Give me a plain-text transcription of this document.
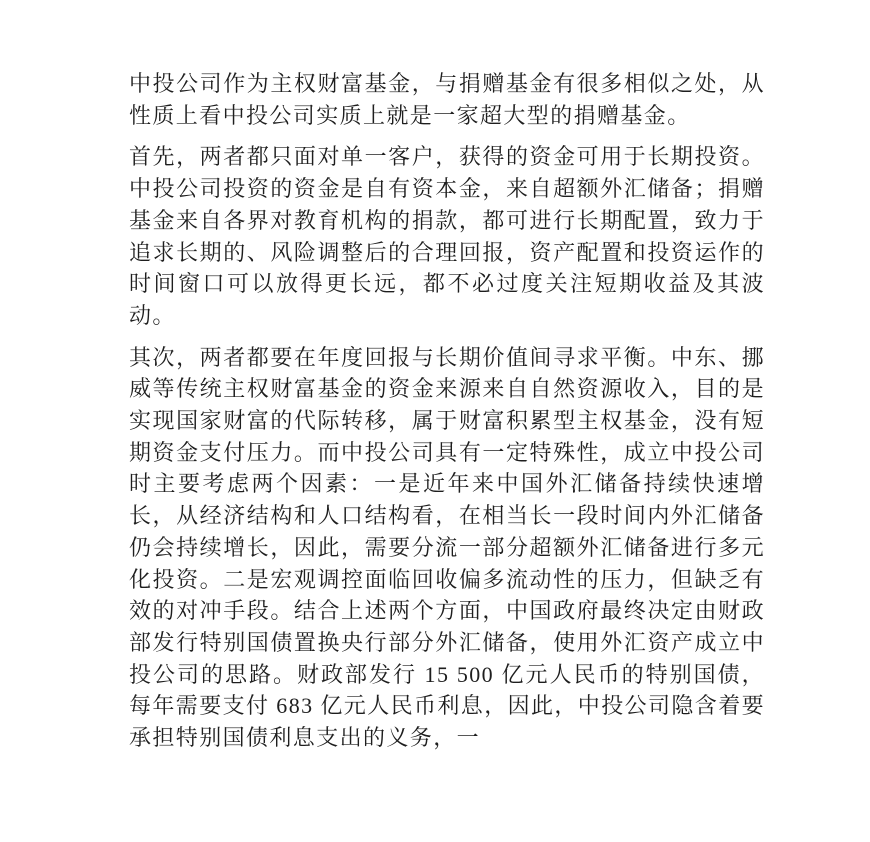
中投公司作为主权财富基金，与捐赠基金有很多相似之处，从性质上看中投公司实质上就是一家超大型的捐赠基金。

首先，两者都只面对单一客户，获得的资金可用于长期投资。中投公司投资的资金是自有资本金，来自超额外汇储备；捐赠基金来自各界对教育机构的捐款，都可进行长期配置，致力于追求长期的、风险调整后的合理回报，资产配置和投资运作的时间窗口可以放得更长远，都不必过度关注短期收益及其波动。

其次，两者都要在年度回报与长期价值间寻求平衡。中东、挪威等传统主权财富基金的资金来源来自自然资源收入，目的是实现国家财富的代际转移，属于财富积累型主权基金，没有短期资金支付压力。而中投公司具有一定特殊性，成立中投公司时主要考虑两个因素：一是近年来中国外汇储备持续快速增长，从经济结构和人口结构看，在相当长一段时间内外汇储备仍会持续增长，因此，需要分流一部分超额外汇储备进行多元化投资。二是宏观调控面临回收偏多流动性的压力，但缺乏有效的对冲手段。结合上述两个方面，中国政府最终决定由财政部发行特别国债置换央行部分外汇储备，使用外汇资产成立中投公司的思路。财政部发行 15 500 亿元人民币的特别国债，每年需要支付 683 亿元人民币利息，因此，中投公司隐含着要承担特别国债利息支出的义务，一
